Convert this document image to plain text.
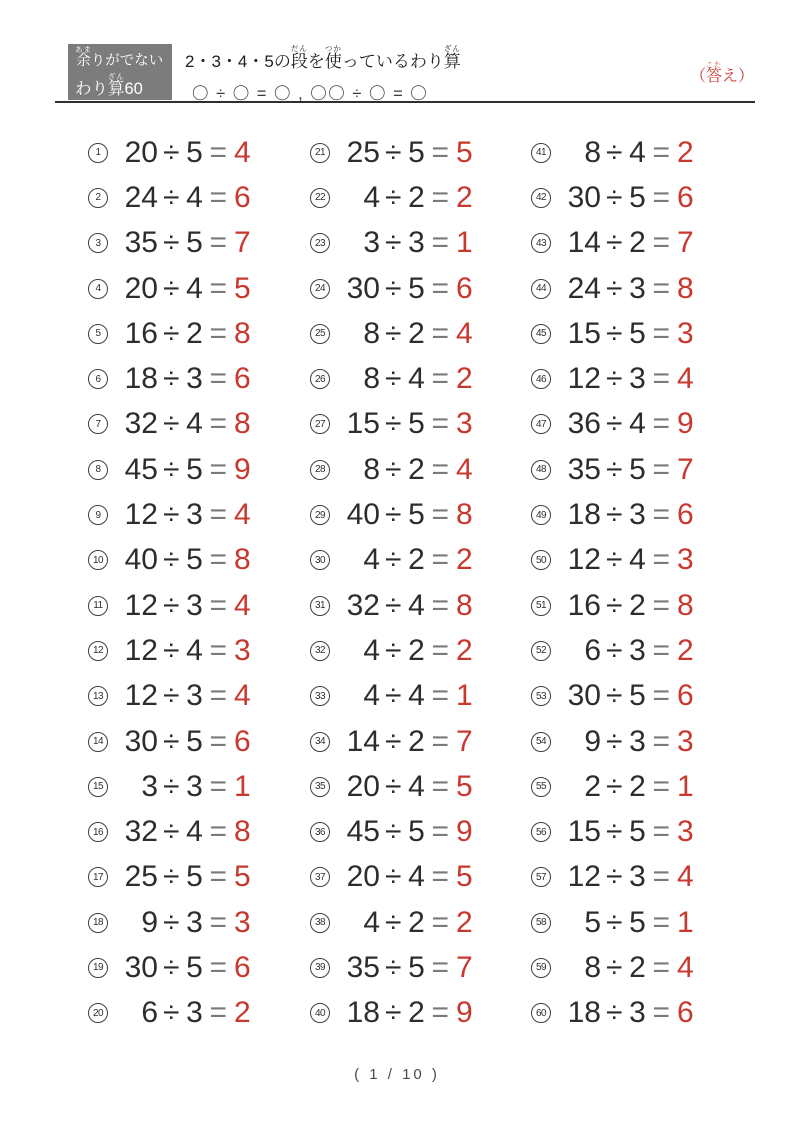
余あまりがでない
わり算ざん60
2・3・4・5の段だんを使つかっているわり算ざん
〇 ÷ 〇 = 〇 , 〇〇 ÷ 〇 = 〇
（答こたえ）
1 20 ÷ 5 = 4
2 24 ÷ 4 = 6
3 35 ÷ 5 = 7
4 20 ÷ 4 = 5
5 16 ÷ 2 = 8
6 18 ÷ 3 = 6
7 32 ÷ 4 = 8
8 45 ÷ 5 = 9
9 12 ÷ 3 = 4
10 40 ÷ 5 = 8
11 12 ÷ 3 = 4
12 12 ÷ 4 = 3
13 12 ÷ 3 = 4
14 30 ÷ 5 = 6
15	3 ÷ 3 = 1
16 32 ÷ 4 = 8
17 25 ÷ 5 = 5
18	9 ÷ 3 = 3
19 30 ÷ 5 = 6
20	6 ÷ 3 = 2
21 25 ÷ 5 = 5
22	4 ÷ 2 = 2
23	3 ÷ 3 = 1
24 30 ÷ 5 = 6
25	8 ÷ 2 = 4
26	8 ÷ 4 = 2
27 15 ÷ 5 = 3
28	8 ÷ 2 = 4
29 40 ÷ 5 = 8
30	4 ÷ 2 = 2
31 32 ÷ 4 = 8
32	4 ÷ 2 = 2
33	4 ÷ 4 = 1
34 14 ÷ 2 = 7
35 20 ÷ 4 = 5
36 45 ÷ 5 = 9
37 20 ÷ 4 = 5
38	4 ÷ 2 = 2
39 35 ÷ 5 = 7
40 18 ÷ 2 = 9
41	8 ÷ 4 = 2
42 30 ÷ 5 = 6
43 14 ÷ 2 = 7
44 24 ÷ 3 = 8
45 15 ÷ 5 = 3
46 12 ÷ 3 = 4
47 36 ÷ 4 = 9
48 35 ÷ 5 = 7
49 18 ÷ 3 = 6
50 12 ÷ 4 = 3
51 16 ÷ 2 = 8
52	6 ÷ 3 = 2
53 30 ÷ 5 = 6
54	9 ÷ 3 = 3
55	2 ÷ 2 = 1
56 15 ÷ 5 = 3
57 12 ÷ 3 = 4
58	5 ÷ 5 = 1
59	8 ÷ 2 = 4
60 18 ÷ 3 = 6
( 1 / 10 )
